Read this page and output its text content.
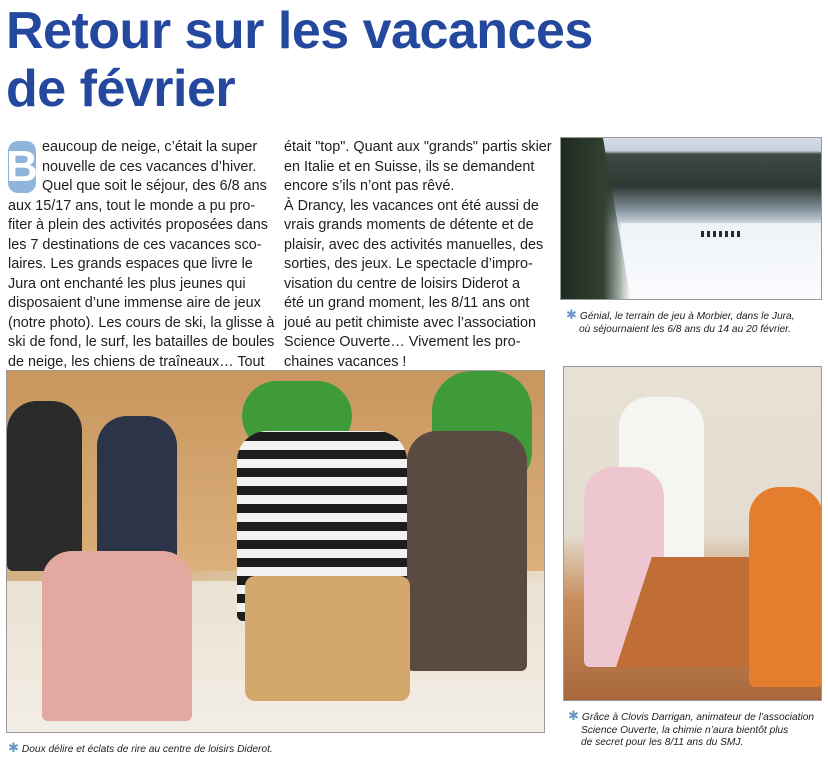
Retour sur les vacances
de février
B eaucoup de neige, c’était la super
nouvelle de ces vacances d’hiver.
Quel que soit le séjour, des 6/8 ans
aux 15/17 ans, tout le monde a pu pro-
fiter à plein des activités proposées dans
les 7 destinations de ces vacances sco-
laires. Les grands espaces que livre le
Jura ont enchanté les plus jeunes qui
disposaient d’une immense aire de jeux
(notre photo). Les cours de ski, la glisse à
ski de fond, le surf, les batailles de boules
de neige, les chiens de traîneaux… Tout
était "top". Quant aux "grands" partis skier
en Italie et en Suisse, ils se demandent
encore s’ils n’ont pas rêvé.
À Drancy, les vacances ont été aussi de
vrais grands moments de détente et de
plaisir, avec des activités manuelles, des
sorties, des jeux. Le spectacle d’impro-
visation du centre de loisirs Diderot a
été un grand moment, les 8/11 ans ont
joué au petit chimiste avec l’association
Science Ouverte… Vivement les pro-
chaines vacances !
✱ Génial, le terrain de jeu à Morbier, dans le Jura,
où séjournaient les 6/8 ans du 14 au 20 février.
✱ Doux délire et éclats de rire au centre de loisirs Diderot.
✱ Grâce à Clovis Darrigan, animateur de l’association
Science Ouverte, la chimie n’aura bientôt plus
de secret pour les 8/11 ans du SMJ.
